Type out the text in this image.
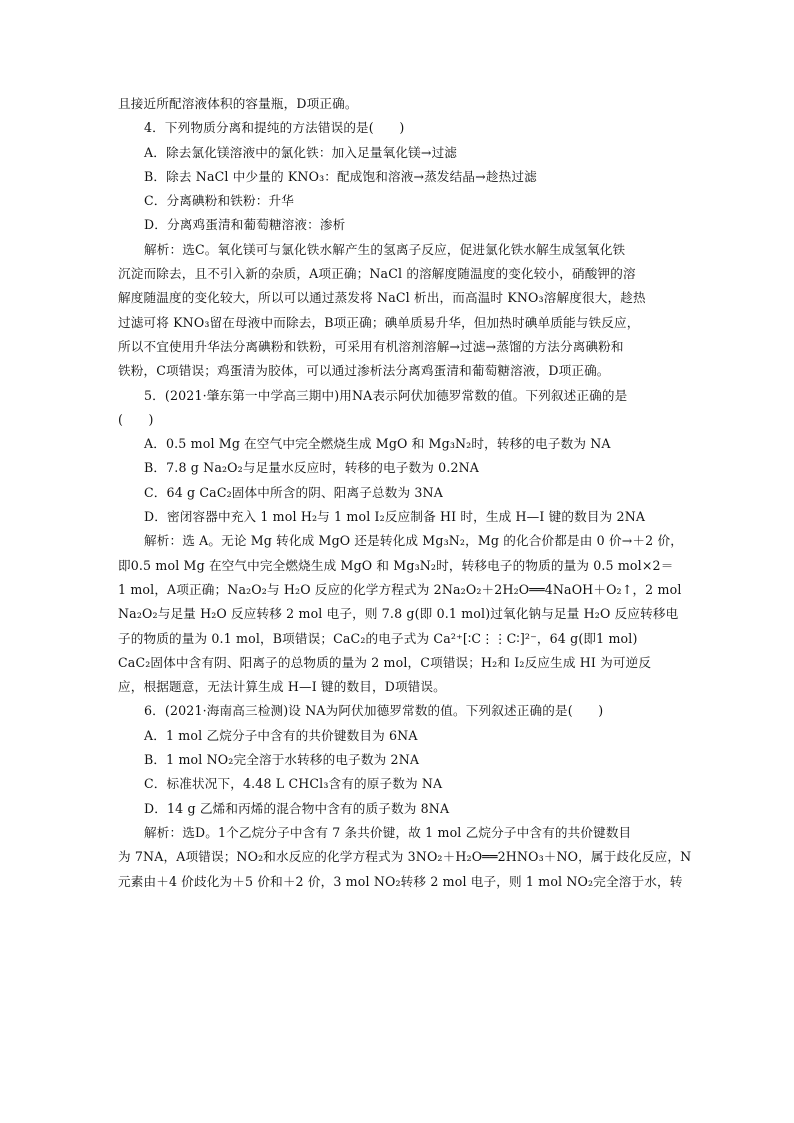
且接近所配溶液体积的容量瓶，D项正确。
4．下列物质分离和提纯的方法错误的是(　　)
A．除去氯化镁溶液中的氯化铁：加入足量氧化镁→过滤
B．除去 NaCl 中少量的 KNO₃：配成饱和溶液→蒸发结晶→趁热过滤
C．分离碘粉和铁粉：升华
D．分离鸡蛋清和葡萄糖溶液：渗析
解析：选C。氧化镁可与氯化铁水解产生的氢离子反应，促进氯化铁水解生成氢氧化铁
沉淀而除去，且不引入新的杂质，A项正确；NaCl 的溶解度随温度的变化较小，硝酸钾的溶
解度随温度的变化较大，所以可以通过蒸发将 NaCl 析出，而高温时 KNO₃溶解度很大，趁热
过滤可将 KNO₃留在母液中而除去，B项正确；碘单质易升华，但加热时碘单质能与铁反应，
所以不宜使用升华法分离碘粉和铁粉，可采用有机溶剂溶解→过滤→蒸馏的方法分离碘粉和
铁粉，C项错误；鸡蛋清为胶体，可以通过渗析法分离鸡蛋清和葡萄糖溶液，D项正确。
5．(2021·肇东第一中学高三期中)用NA表示阿伏加德罗常数的值。下列叙述正确的是
(　　)
A．0.5 mol Mg 在空气中完全燃烧生成 MgO 和 Mg₃N₂时，转移的电子数为 NA
B．7.8 g Na₂O₂与足量水反应时，转移的电子数为 0.2NA
C．64 g CaC₂固体中所含的阴、阳离子总数为 3NA
D．密闭容器中充入 1 mol H₂与 1 mol I₂反应制备 HI 时，生成 H—I 键的数目为 2NA
解析：选 A。无论 Mg 转化成 MgO 还是转化成 Mg₃N₂，Mg 的化合价都是由 0 价→＋2 价，
即0.5 mol Mg 在空气中完全燃烧生成 MgO 和 Mg₃N₂时，转移电子的物质的量为 0.5 mol×2＝
1 mol，A项正确；Na₂O₂与 H₂O 反应的化学方程式为 2Na₂O₂＋2H₂O══4NaOH＋O₂↑，2 mol
Na₂O₂与足量 H₂O 反应转移 2 mol 电子，则 7.8 g(即 0.1 mol)过氧化钠与足量 H₂O 反应转移电
子的物质的量为 0.1 mol，B项错误；CaC₂的电子式为 Ca²⁺[∶C⋮⋮C∶]²⁻，64 g(即1 mol)
CaC₂固体中含有阴、阳离子的总物质的量为 2 mol，C项错误；H₂和 I₂反应生成 HI 为可逆反
应，根据题意，无法计算生成 H—I 键的数目，D项错误。
6．(2021·海南高三检测)设 NA为阿伏加德罗常数的值。下列叙述正确的是(　　)
A．1 mol 乙烷分子中含有的共价键数目为 6NA
B．1 mol NO₂完全溶于水转移的电子数为 2NA
C．标准状况下，4.48 L CHCl₃含有的原子数为 NA
D．14 g 乙烯和丙烯的混合物中含有的质子数为 8NA
解析：选D。1个乙烷分子中含有 7 条共价键，故 1 mol 乙烷分子中含有的共价键数目
为 7NA，A项错误；NO₂和水反应的化学方程式为 3NO₂＋H₂O══2HNO₃＋NO，属于歧化反应，N
元素由＋4 价歧化为＋5 价和＋2 价，3 mol NO₂转移 2 mol 电子，则 1 mol NO₂完全溶于水，转
